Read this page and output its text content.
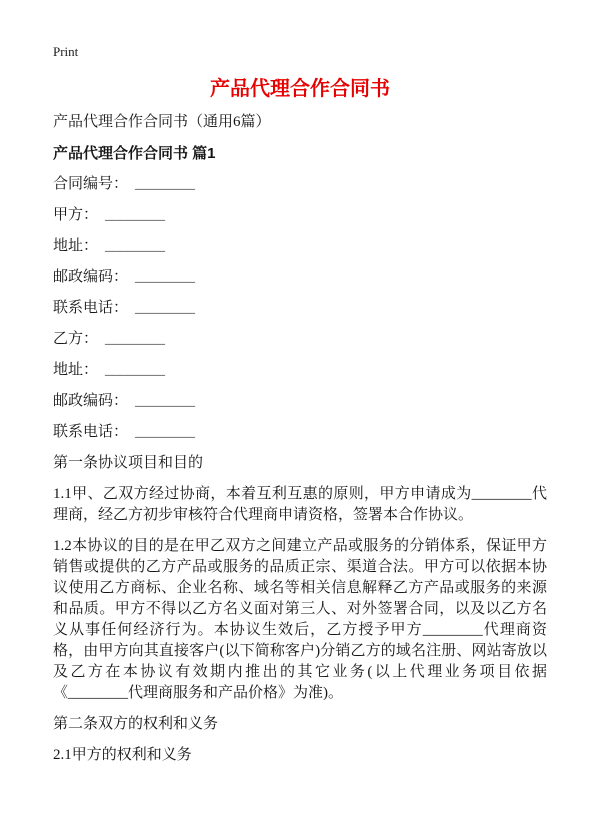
Print

产品代理合作合同书

产品代理合作合同书（通用6篇）

产品代理合作合同书 篇1

合同编号： ________

甲方： ________

地址： ________

邮政编码： ________

联系电话： ________

乙方： ________

地址： ________

邮政编码： ________

联系电话： ________

第一条协议项目和目的

1.1甲、乙双方经过协商，本着互利互惠的原则，甲方申请成为________代理商，经乙方初步审核符合代理商申请资格，签署本合作协议。

1.2本协议的目的是在甲乙双方之间建立产品或服务的分销体系，保证甲方销售或提供的乙方产品或服务的品质正宗、渠道合法。甲方可以依据本协议使用乙方商标、企业名称、域名等相关信息解释乙方产品或服务的来源和品质。甲方不得以乙方名义面对第三人、对外签署合同，以及以乙方名义从事任何经济行为。本协议生效后，乙方授予甲方________代理商资格，由甲方向其直接客户(以下简称客户)分销乙方的域名注册、网站寄放以及乙方在本协议有效期内推出的其它业务(以上代理业务项目依据《________代理商服务和产品价格》为准)。

第二条双方的权利和义务

2.1甲方的权利和义务
